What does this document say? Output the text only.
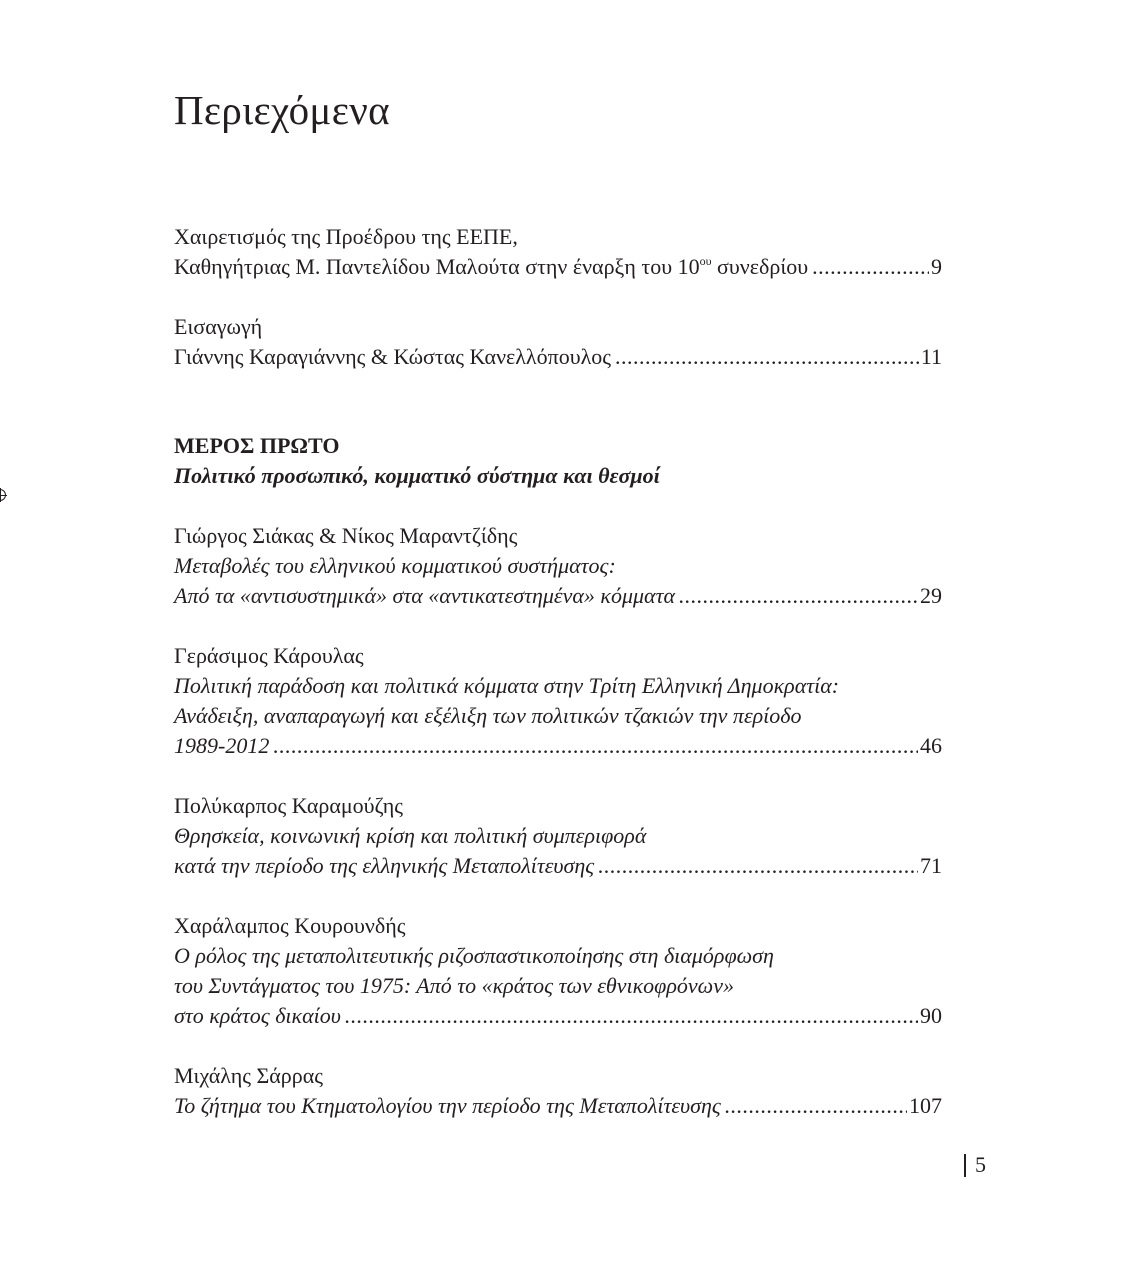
Περιεχόμενα
Χαιρετισμός της Προέδρου της ΕΕΠΕ,
Καθηγήτριας Μ. Παντελίδου Μαλούτα στην έναρξη του $10^{o\upsilon}$ συνεδρίου .....	9
Εισαγωγή
Γιάννης Καραγιάννης & Κώστας Κανελλόπουλος .....	11
ΜΕΡΟΣ ΠΡΩΤΟ
Πολιτικό προσωπικό, κομματικό σύστημα και θεσμοί
Γιώργος Σιάκας & Νίκος Μαραντζίδης
Μεταβολές του ελληνικού κομματικού συστήματος:
Από τα «αντισυστημικά» στα «αντικατεστημένα» κόμματα .....	29
Γεράσιμος Κάρουλας
Πολιτική παράδοση και πολιτικά κόμματα στην Τρίτη Ελληνική Δημοκρατία:
Ανάδειξη, αναπαραγωγή και εξέλιξη των πολιτικών τζακιών την περίοδο
1989-2012 .....	46
Πολύκαρπος Καραμούζης
Θρησκεία, κοινωνική κρίση και πολιτική συμπεριφορά
κατά την περίοδο της ελληνικής Μεταπολίτευσης .....	71
Χαράλαμπος Κουρουνδής
Ο ρόλος της μεταπολιτευτικής ριζοσπαστικοποίησης στη διαμόρφωση
του Συντάγματος του 1975: Από το «κράτος των εθνικοφρόνων»
στο κράτος δικαίου .....	90
Μιχάλης Σάρρας
Το ζήτημα του Κτηματολογίου την περίοδο της Μεταπολίτευσης .....	107
5
